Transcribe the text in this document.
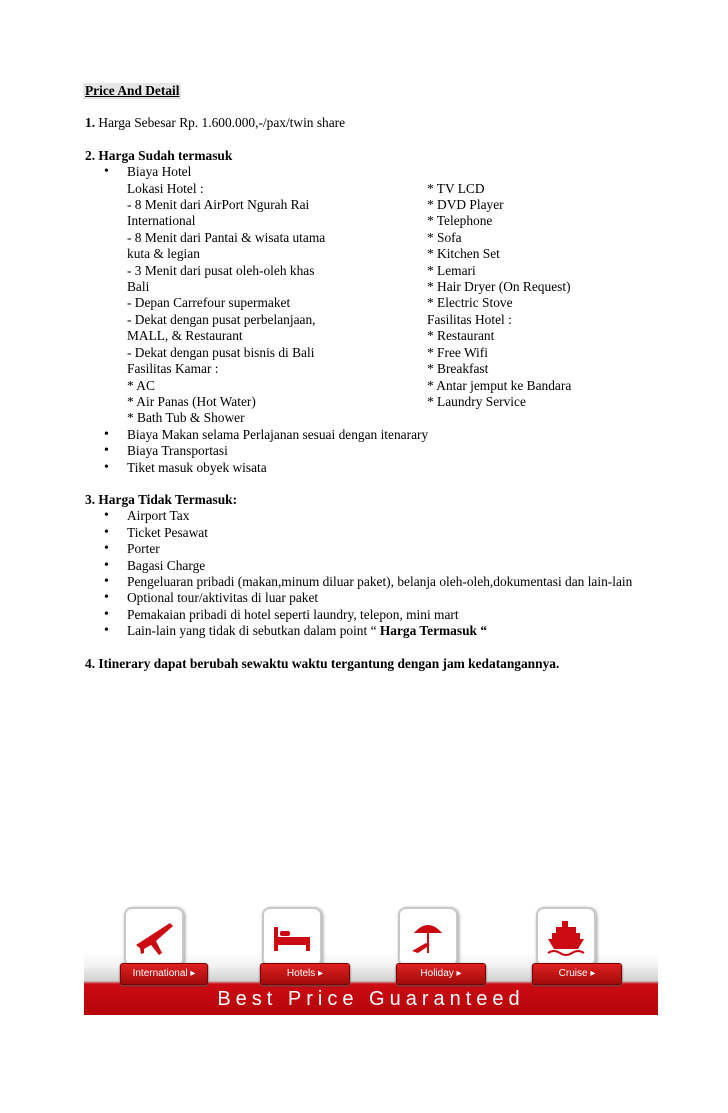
Price And Detail
1. Harga Sebesar Rp. 1.600.000,-/pax/twin share
2. Harga Sudah termasuk
• Biaya Hotel
Lokasi Hotel :	* TV LCD
- 8 Menit dari AirPort Ngurah Rai	* DVD Player
International	* Telephone
- 8 Menit dari Pantai & wisata utama	* Sofa
kuta & legian	* Kitchen Set
- 3 Menit dari pusat oleh-oleh khas	* Lemari
Bali	* Hair Dryer (On Request)
- Depan Carrefour supermaket	* Electric Stove
- Dekat dengan pusat perbelanjaan,	Fasilitas Hotel :
MALL, & Restaurant	* Restaurant
- Dekat dengan pusat bisnis di Bali	* Free Wifi
Fasilitas Kamar :	* Breakfast
* AC	* Antar jemput ke Bandara
* Air Panas (Hot Water)	* Laundry Service
* Bath Tub & Shower
• Biaya Makan selama Perlajanan sesuai dengan itenarary
• Biaya Transportasi
• Tiket masuk obyek wisata
3. Harga Tidak Termasuk:
• Airport Tax
• Ticket Pesawat
• Porter
• Bagasi Charge
• Pengeluaran pribadi (makan,minum diluar paket), belanja oleh-oleh,dokumentasi dan lain-lain
• Optional tour/aktivitas di luar paket
• Pemakaian pribadi di hotel seperti laundry, telepon, mini mart
• Lain-lain yang tidak di sebutkan dalam point “ Harga Termasuk “
4. Itinerary dapat berubah sewaktu waktu tergantung dengan jam kedatangannya.
International ▸	Hotels ▸	Holiday ▸	Cruise ▸
Best Price Guaranteed
